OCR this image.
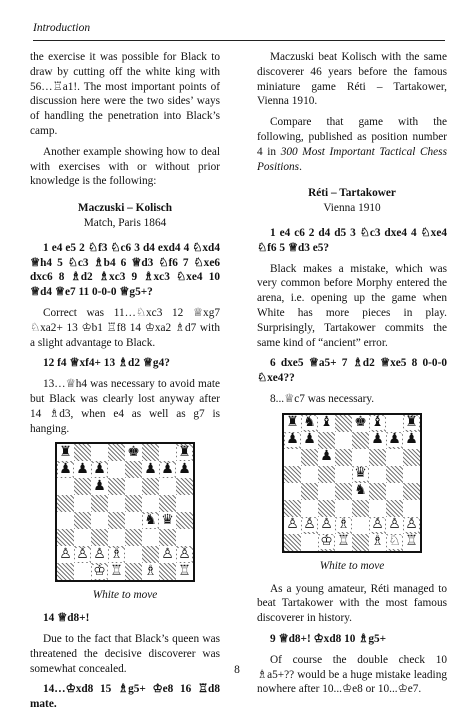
Introduction

the exercise it was possible for Black to draw by cutting off the white king with 56…♖a1!. The most important points of discussion here were the two sides’ ways of handling the penetration into Black’s camp.

Another example showing how to deal with exercises with or without prior knowledge is the following:

Maczuski – Kolisch
Match, Paris 1864

1 e4 e5 2 ♘f3 ♘c6 3 d4 exd4 4 ♘xd4 ♕h4 5 ♘c3 ♗b4 6 ♕d3 ♘f6 7 ♘xe6 dxc6 8 ♗d2 ♗xc3 9 ♗xc3 ♘xe4 10 ♕d4 ♕e7 11 0-0-0 ♕g5+?

Correct was 11…♘xc3 12 ♕xg7 ♘xa2+ 13 ♔b1 ♖f8 14 ♔xa2 ♗d7 with a slight advantage to Black.

12 f4 ♕xf4+ 13 ♗d2 ♕g4?

13…♕h4 was necessary to avoid mate but Black was clearly lost anyway after 14 ♗d3, when e4 as well as g7 is hanging.

♜	♚	♜
♟ ♟ ♟	♟ ♟ ♟
♟
♞ ♛
♙ ♙ ♙ ♗	♙ ♙
♔ ♖ ♗ ♖
White to move

14 ♕d8+!

Due to the fact that Black’s queen was threatened the decisive discoverer was somewhat concealed.

14…♔xd8 15 ♗g5+ ♔e8 16 ♖d8 mate.

Maczuski beat Kolisch with the same discoverer 46 years before the famous miniature game Réti – Tartakower, Vienna 1910.

Compare that game with the following, published as position number 4 in 300 Most Important Tactical Chess Positions.

Réti – Tartakower
Vienna 1910

1 e4 c6 2 d4 d5 3 ♘c3 dxe4 4 ♘xe4 ♘f6 5 ♕d3 e5?

Black makes a mistake, which was very common before Morphy entered the arena, i.e. opening up the game when White has more pieces in play. Surprisingly, Tartakower commits the same kind of “ancient” error.

6 dxe5 ♕a5+ 7 ♗d2 ♕xe5 8 0-0-0 ♘xe4??

8...♕c7 was necessary.

♜ ♞ ♝ ♚ ♝ ♜
♟ ♟	♟ ♟ ♟
♟
♛
♞
♙ ♙ ♙ ♗ ♙ ♙ ♙
♔ ♖ ♗ ♘ ♖
White to move

As a young amateur, Réti managed to beat Tartakower with the most famous discoverer in history.

9 ♕d8+! ♔xd8 10 ♗g5+

Of course the double check 10 ♗a5+?? would be a huge mistake leading nowhere after 10...♔e8 or 10...♔e7.

8
